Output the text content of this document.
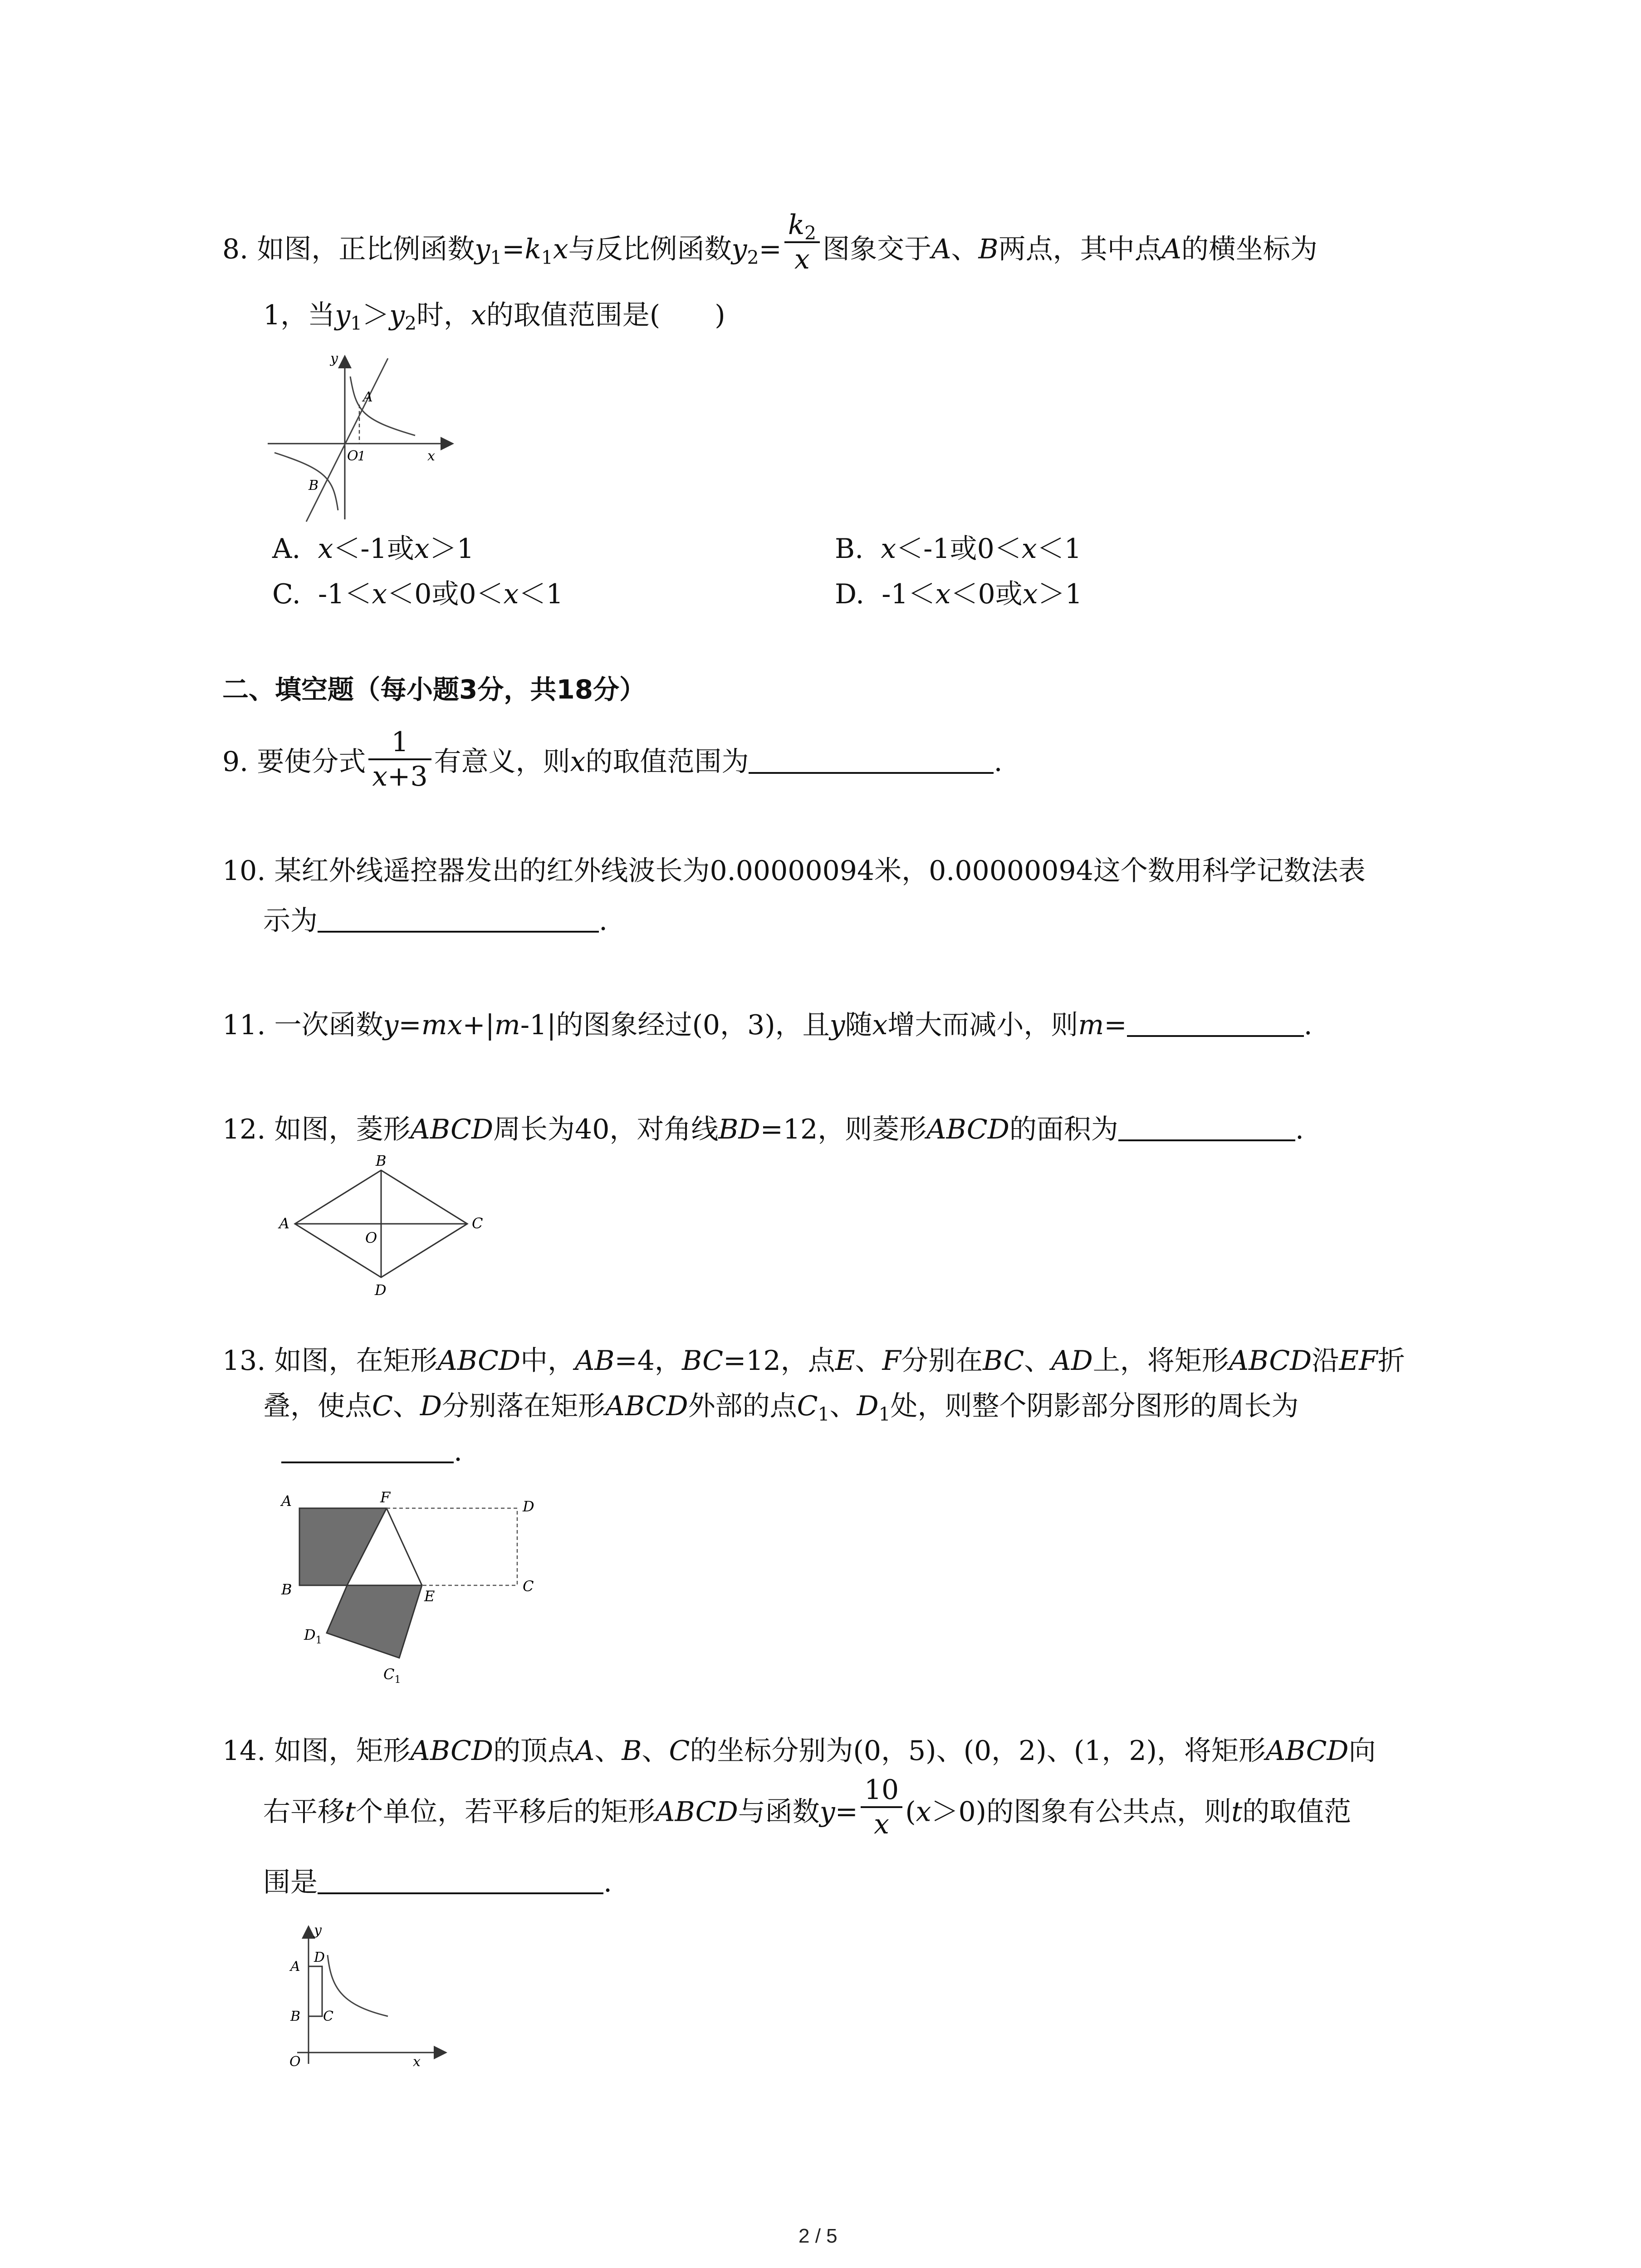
8. 如图，正比例函数$y_1=k_1x$与反比例函数$y_2= \frac{k_2}{x}$ 图象交于A、B两点，其中点A的横坐标为
1，当$y_1>y_2$时，x的取值范围是(　　)
y
A
O
1	x
B
A. x＜-1或x＞1	B. x＜-1或0＜x＜1
C. -1＜x＜0或0＜x＜1	D. -1＜x＜0或x＞1
二、填空题（每小题3分，共18分）
9. 要使分式 $\frac{1}{x+3}$ 有意义，则x的取值范围为	.
10. 某红外线遥控器发出的红外线波长为0.00000094米，0.00000094这个数用科学记数法表
示为	.
11. 一次函数y=mx+|m-1|的图象经过(0，3)，且y随x增大而减小，则m=	.
12. 如图，菱形ABCD周长为40，对角线BD=12，则菱形ABCD的面积为	.
B
A
O
C
D
13. 如图，在矩形ABCD中，AB=4，BC=12，点E、F分别在BC、AD上，将矩形ABCD沿EF折
叠，使点C、D分别落在矩形ABCD外部的点$C_1$、$D_1$处，则整个阴影部分图形的周长为
.
A	F
D
B	E
C
$D_1$
$C_1$
14. 如图，矩形ABCD的顶点A、B、C的坐标分别为(0，5)、(0，2)、(1，2)，将矩形ABCD向
右平移t个单位，若平移后的矩形ABCD与函数$y= \frac{10}{x} (x>0)$的图象有公共点，则t的取值范
围是	.
y
D
A
B C
O	x
2 / 5
